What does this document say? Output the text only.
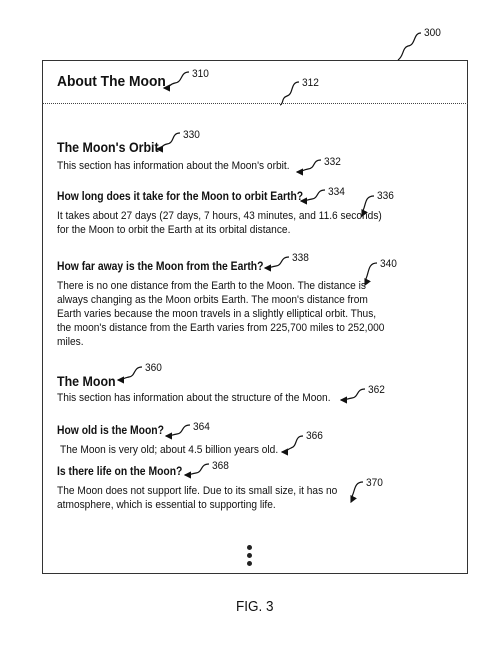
About The Moon
The Moon's Orbit
This section has information about the Moon's orbit.
How long does it take for the Moon to orbit Earth?
It takes about 27 days (27 days, 7 hours, 43 minutes, and 11.6 seconds)
for the Moon to orbit the Earth at its orbital distance.
How far away is the Moon from the Earth?
There is no one distance from the Earth to the Moon. The distance is
always changing as the Moon orbits Earth. The moon's distance from
Earth varies because the moon travels in a slightly elliptical orbit. Thus,
the moon's distance from the Earth varies from 225,700 miles to 252,000
miles.
The Moon
This section has information about the structure of the Moon.
How old is the Moon?
The Moon is very old; about 4.5 billion years old.
Is there life on the Moon?
The Moon does not support life. Due to its small size, it has no
atmosphere, which is essential to supporting life.
300
310
312
330
332
334	336
338	340
360
362
364
366
368
370
FIG. 3
